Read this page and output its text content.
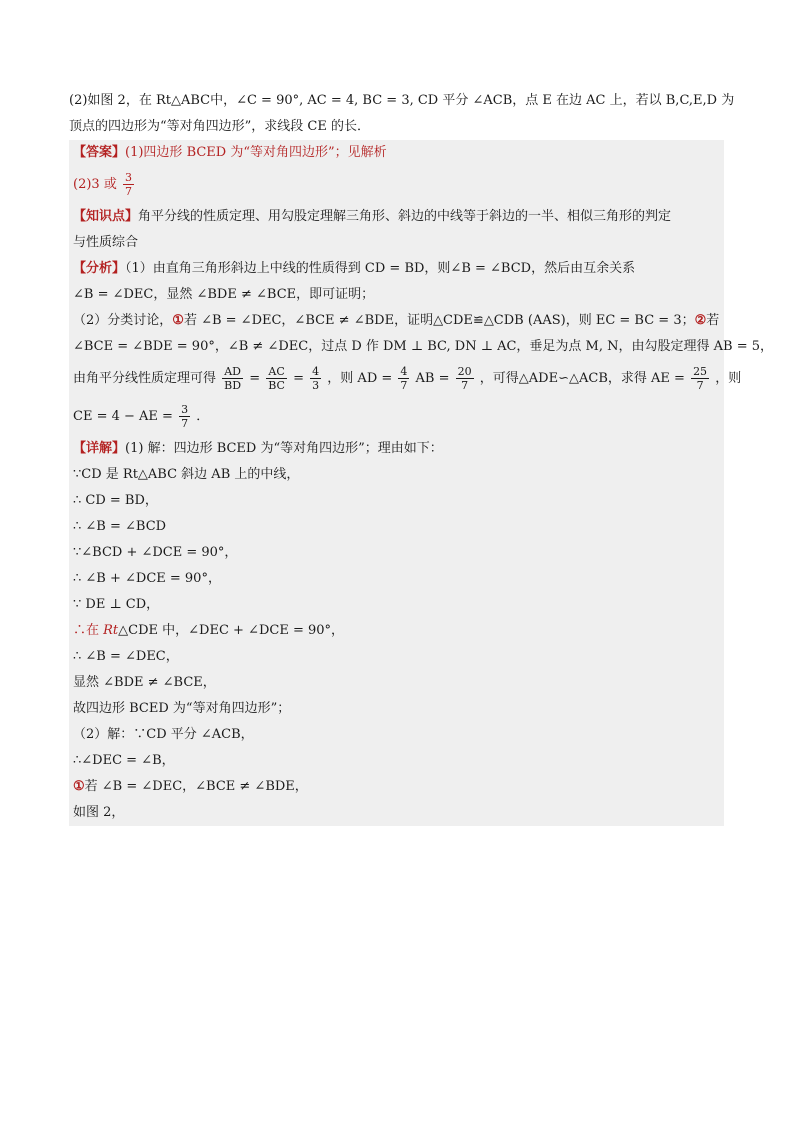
(2)如图 2，在 Rt△ABC中，∠C = 90°, AC = 4, BC = 3, CD 平分 ∠ACB，点 E 在边 AC 上，若以 B,C,E,D 为
顶点的四边形为“等对角四边形”，求线段 CE 的长．
【答案】(1)四边形 BCED 为“等对角四边形”；见解析
(2)3 或 $\frac{3}{7}$
【知识点】角平分线的性质定理、用勾股定理解三角形、斜边的中线等于斜边的一半、相似三角形的判定
与性质综合
【分析】（1）由直角三角形斜边上中线的性质得到 CD = BD，则∠B = ∠BCD，然后由互余关系
∠B = ∠DEC，显然 ∠BDE ≠ ∠BCE，即可证明；
（2）分类讨论，①若 ∠B = ∠DEC，∠BCE ≠ ∠BDE，证明△CDE≌△CDB (AAS)，则 EC = BC = 3；②若
∠BCE = ∠BDE = 90°，∠B ≠ ∠DEC，过点 D 作 DM ⊥ BC, DN ⊥ AC，垂足为点 M, N，由勾股定理得 AB = 5，
由角平分线性质定理可得 $\frac{AD}{BD} = \frac{AC}{BC} = \frac{4}{3}$ ，则 AD = $\frac{4}{7}$ AB = $\frac{20}{7}$ ，可得△ADE∽△ACB，求得 AE = $\frac{25}{7}$ ，则
CE = 4 − AE = $\frac{3}{7}$ ．
【详解】(1) 解：四边形 BCED 为“等对角四边形”；理由如下：
∵CD 是 Rt△ABC 斜边 AB 上的中线，
∴ CD = BD，
∴ ∠B = ∠BCD
∵∠BCD + ∠DCE = 90°，
∴ ∠B + ∠DCE = 90°，
∵ DE ⊥ CD，
∴在 Rt△CDE 中，∠DEC + ∠DCE = 90°，
∴ ∠B = ∠DEC，
显然 ∠BDE ≠ ∠BCE，
故四边形 BCED 为“等对角四边形”；
（2）解：∵CD 平分 ∠ACB，
∴∠DEC = ∠B，
①若 ∠B = ∠DEC，∠BCE ≠ ∠BDE，
如图 2，
